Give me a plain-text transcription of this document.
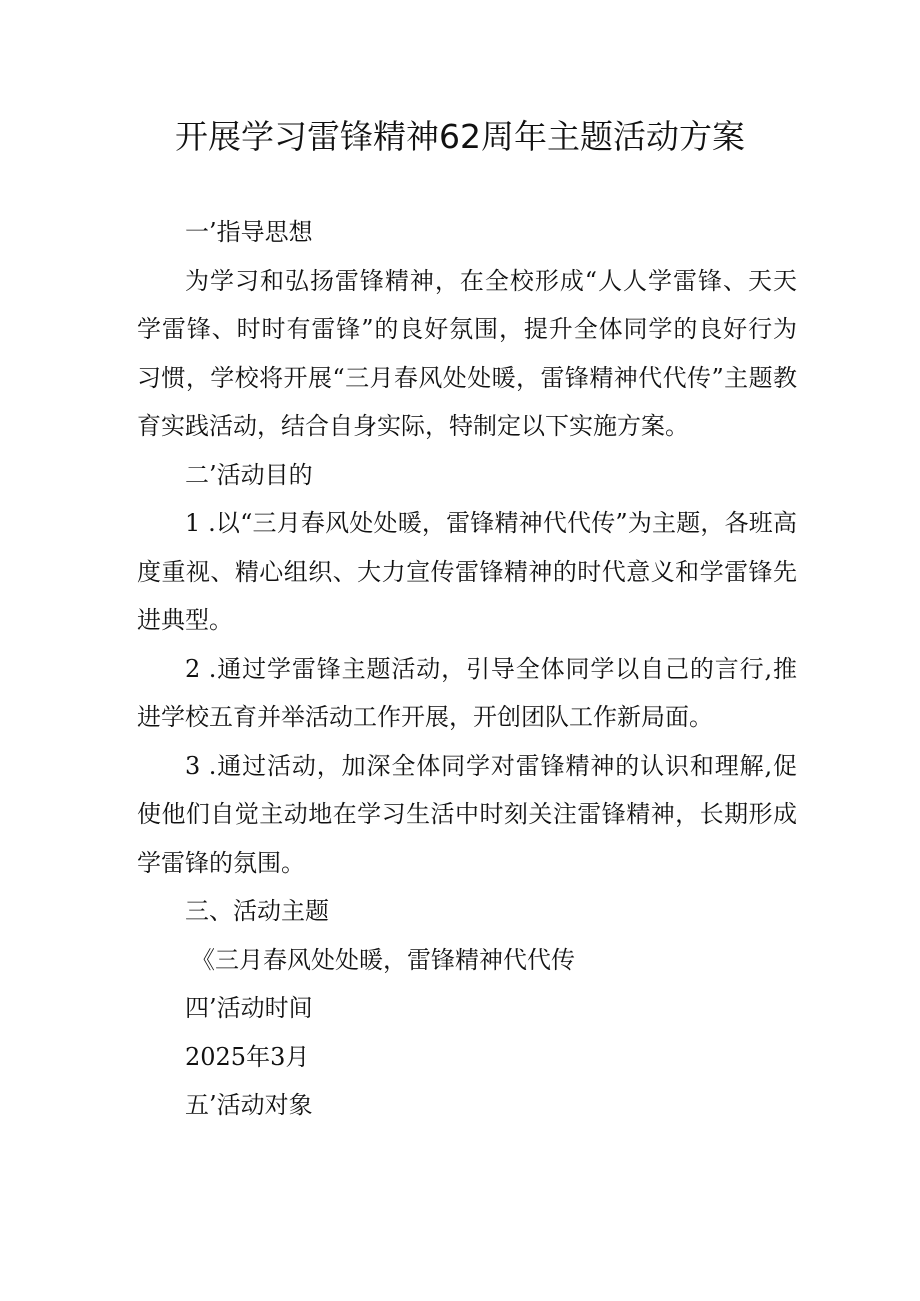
开展学习雷锋精神62周年主题活动方案

一’指导思想

为学习和弘扬雷锋精神，在全校形成“人人学雷锋、天天学雷锋、时时有雷锋”的良好氛围，提升全体同学的良好行为习惯，学校将开展“三月春风处处暖，雷锋精神代代传”主题教育实践活动，结合自身实际，特制定以下实施方案。

二’活动目的

1 .以“三月春风处处暖，雷锋精神代代传”为主题，各班高度重视、精心组织、大力宣传雷锋精神的时代意义和学雷锋先进典型。

2 .通过学雷锋主题活动，引导全体同学以自己的言行,推进学校五育并举活动工作开展，开创团队工作新局面。

3 .通过活动，加深全体同学对雷锋精神的认识和理解,促使他们自觉主动地在学习生活中时刻关注雷锋精神，长期形成学雷锋的氛围。

三、活动主题

《三月春风处处暖，雷锋精神代代传

四’活动时间

2025年3月

五’活动对象
